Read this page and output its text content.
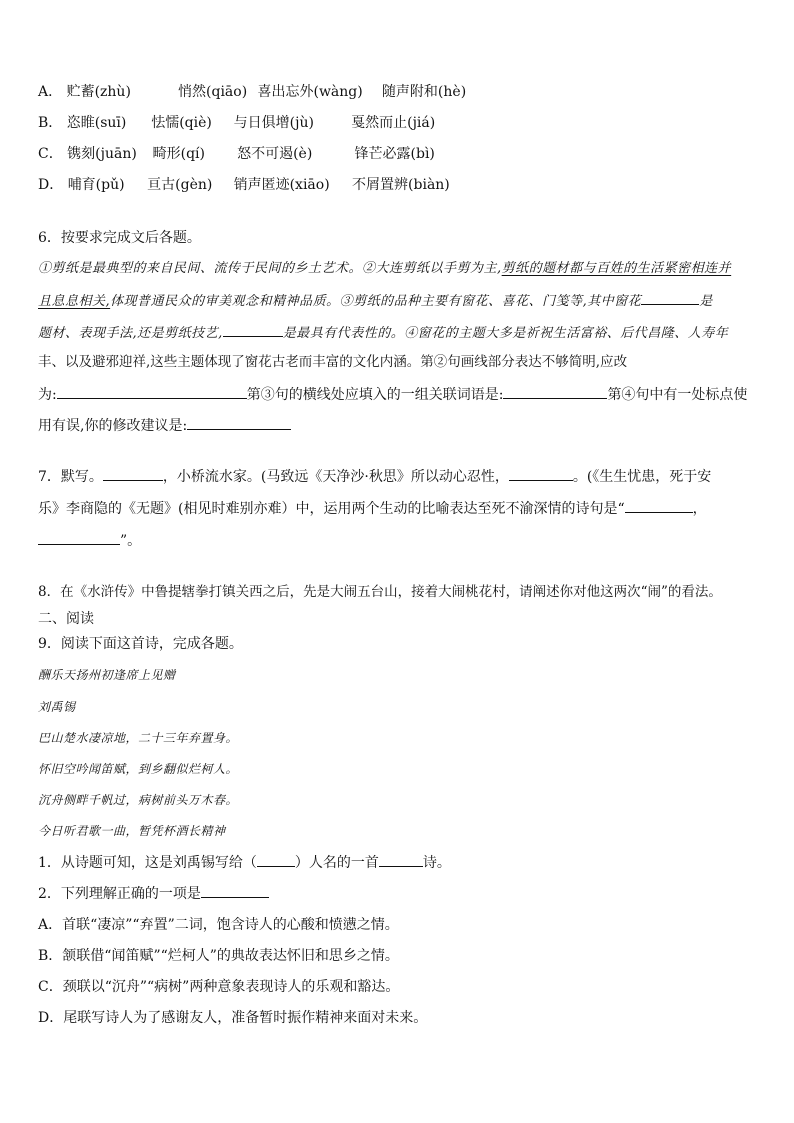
A． 贮蓄(zhù)	悄然(qiāo) 喜出忘外(wàng) 随声附和(hè)
B． 恣睢(suī) 怯懦(qiè) 与日俱增(jù)	戛然而止(jiá)
C． 镌刻(juān) 畸形(qí) 怒不可遏(è)	锋芒必露(bì)
D． 哺育(pǔ) 亘古(gèn) 销声匿迹(xiāo) 不屑置辨(biàn)
6．按要求完成文后各题。
①剪纸是最典型的来自民间、流传于民间的乡土艺术。②大连剪纸以手剪为主,剪纸的题材都与百姓的生活紧密相连并
且息息相关,体现普通民众的审美观念和精神品质。③剪纸的品种主要有窗花、喜花、门笺等,其中窗花	是
题材、表现手法,还是剪纸技艺,	是最具有代表性的。④窗花的主题大多是祈祝生活富裕、后代昌隆、人寿年
丰、以及避邪迎祥,这些主题体现了窗花古老而丰富的文化内涵。第②句画线部分表达不够简明,应改
为:	第③句的横线处应填入的一组关联词语是:	第④句中有一处标点使
用有误,你的修改建议是:
7．默写。	，小桥流水家。(马致远《天净沙·秋思》所以动心忍性，	。(《生生忧患，死于安
乐》李商隐的《无题》(相见时难别亦难）中，运用两个生动的比喻表达至死不渝深情的诗句是“	，
”。
8．在《水浒传》中鲁提辖拳打镇关西之后，先是大闹五台山，接着大闹桃花村，请阐述你对他这两次“闹”的看法。
二、阅读
9．阅读下面这首诗，完成各题。
酬乐天扬州初逢席上见赠
刘禹锡
巴山楚水凄凉地，二十三年弃置身。
怀旧空吟闻笛赋，到乡翻似烂柯人。
沉舟侧畔千帆过，病树前头万木春。
今日听君歌一曲，暂凭杯酒长精神
1．从诗题可知，这是刘禹锡写给（	）人名的一首	诗。
2．下列理解正确的一项是
A．首联“凄凉”“弃置”二词，饱含诗人的心酸和愤懑之情。
B．颔联借“闻笛赋”“烂柯人”的典故表达怀旧和思乡之情。
C．颈联以“沉舟”“病树”两种意象表现诗人的乐观和豁达。
D．尾联写诗人为了感谢友人，准备暂时振作精神来面对未来。
